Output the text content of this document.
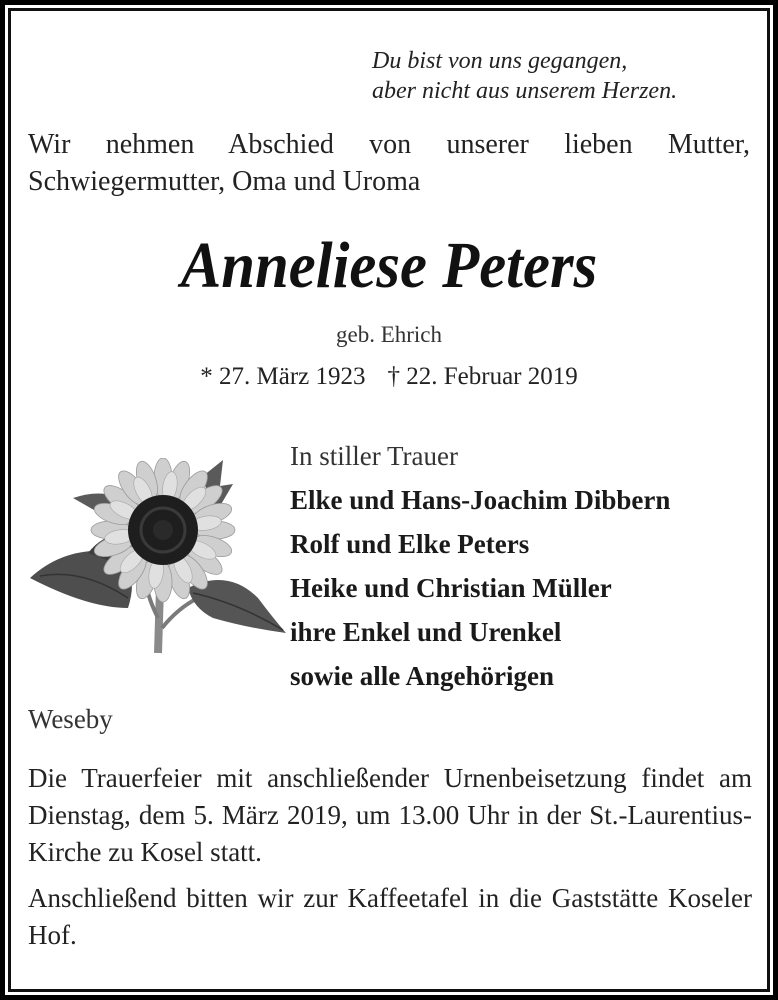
Du bist von uns gegangen,
aber nicht aus unserem Herzen.
Wir nehmen Abschied von unserer lieben Mutter,
Schwiegermutter, Oma und Uroma
Anneliese Peters
geb. Ehrich
* 27. März 1923 † 22. Februar 2019
In stiller Trauer
Elke und Hans-Joachim Dibbern
Rolf und Elke Peters
Heike und Christian Müller
ihre Enkel und Urenkel
sowie alle Angehörigen
Weseby
Die Trauerfeier mit anschließender Urnenbeisetzung findet am Dienstag, dem 5. März 2019, um 13.00 Uhr in der St.-Laurentius-Kirche zu Kosel statt.
Anschließend bitten wir zur Kaffeetafel in die Gaststätte Koseler Hof.
